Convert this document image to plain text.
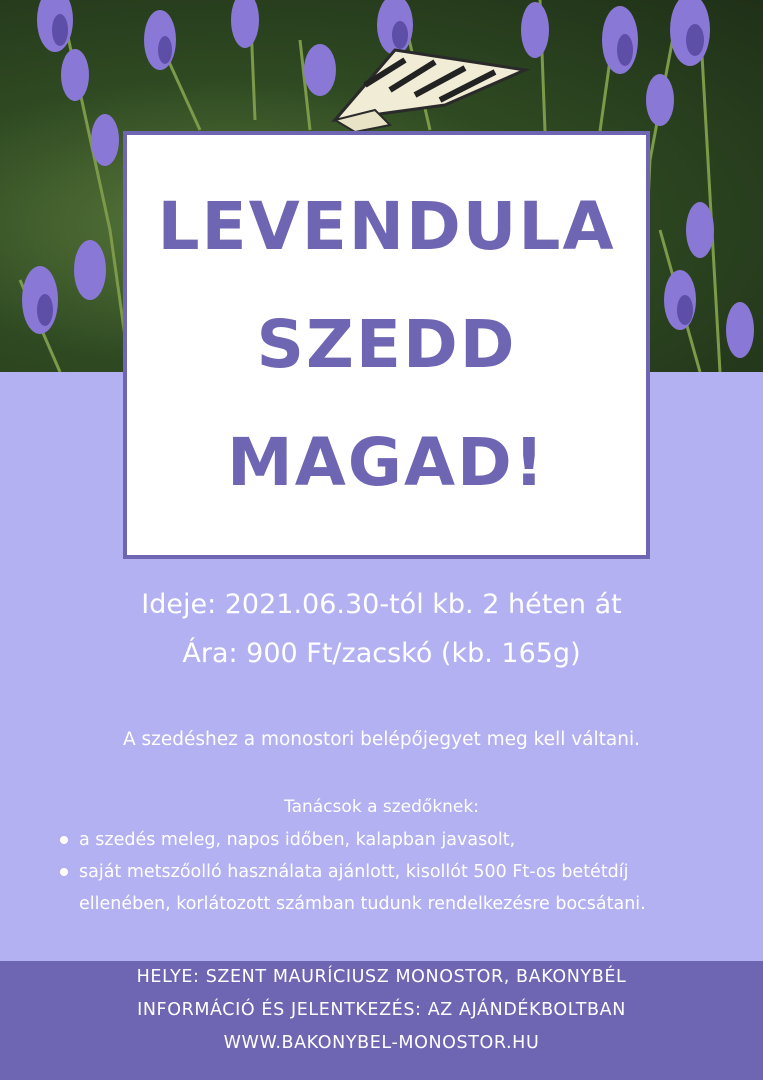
LEVENDULA
SZEDD
MAGAD!
Ideje: 2021.06.30-tól kb. 2 héten át
Ára: 900 Ft/zacskó (kb. 165g)
A szedéshez a monostori belépőjegyet meg kell váltani.
Tanácsok a szedőknek:
a szedés meleg, napos időben, kalapban javasolt,
saját metszőolló használata ajánlott, kisollót 500 Ft-os betétdíj ellenében, korlátozott számban tudunk rendelkezésre bocsátani.
HELYE: SZENT MAURÍCIUSZ MONOSTOR, BAKONYBÉL
INFORMÁCIÓ ÉS JELENTKEZÉS: AZ AJÁNDÉKBOLTBAN
WWW.BAKONYBEL-MONOSTOR.HU
